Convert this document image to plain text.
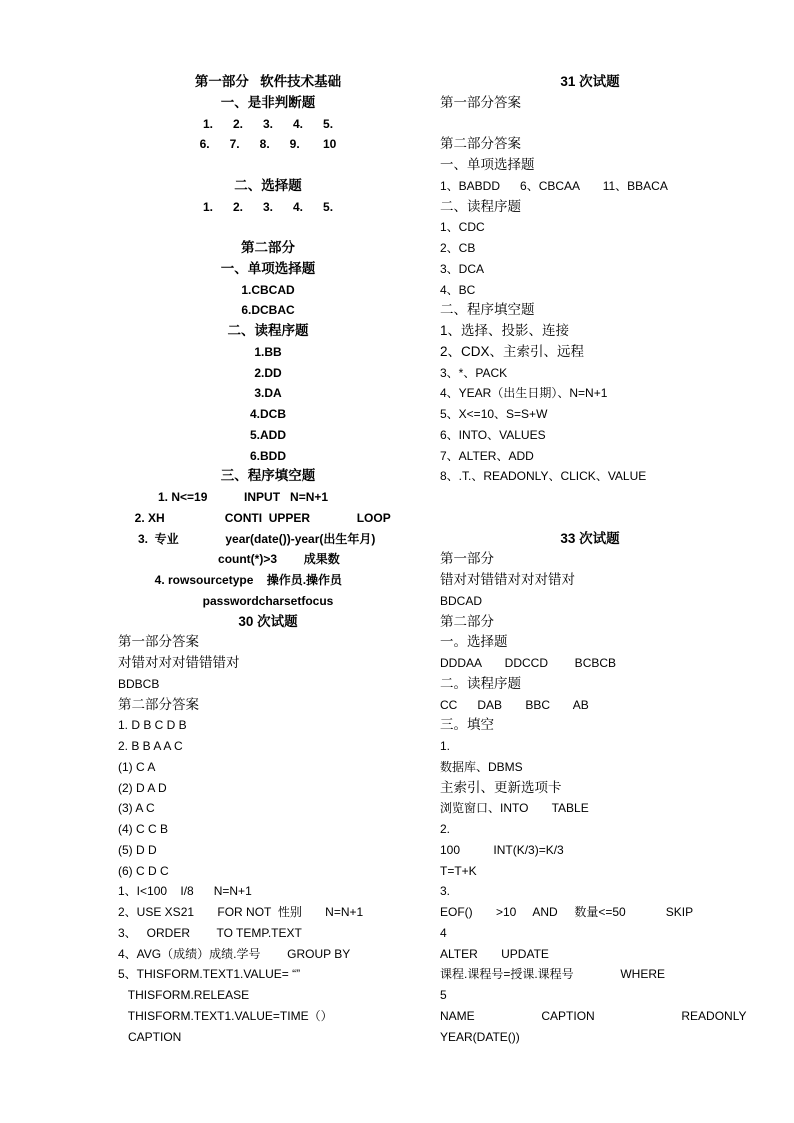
第一部分   软件技术基础
一、是非判断题
1.      2.      3.      4.      5.
6.      7.      8.      9.       10
二、选择题
1.      2.      3.      4.      5.
第二部分
一、单项选择题
1.CBCAD
6.DCBAC
二、读程序题
1.BB
2.DD
3.DA
4.DCB
5.ADD
6.BDD
三、程序填空题
1. N<=19           INPUT   N=N+1
2. XH                  CONTI  UPPER              LOOP
3.  专业              year(date())-year(出生年月)
count(*)>3        成果数
4. rowsourcetype    操作员.操作员
passwordcharsetfocus
30 次试题
第一部分答案
对错对对对错错错对
BDBCB
第二部分答案
1. D B C D B
2. B B A A C
(1) C A
(2) D A D
(3) A C
(4) C C B
(5) D D
(6) C D C
1、I<100    I/8      N=N+1
2、USE XS21       FOR NOT  性别       N=N+1
3、   ORDER        TO TEMP.TEXT
4、AVG（成绩）成绩.学号        GROUP BY
5、THISFORM.TEXT1.VALUE= “”
THISFORM.RELEASE
THISFORM.TEXT1.VALUE=TIME（）
CAPTION
31 次试题
第一部分答案
第二部分答案
一、单项选择题
1、BABDD      6、CBCAA       11、BBACA
二、读程序题
1、CDC
2、CB
3、DCA
4、BC
二、程序填空题
1、选择、投影、连接
2、CDX、主索引、远程
3、*、PACK
4、YEAR（出生日期）、N=N+1
5、X<=10、S=S+W
6、INTO、VALUES
7、ALTER、ADD
8、.T.、READONLY、CLICK、VALUE
33 次试题
第一部分
错对对错错对对对错对
BDCAD
第二部分
一。选择题
DDDAA       DDCCD        BCBCB
二。读程序题
CC      DAB       BBC       AB
三。填空
1.
数据库、DBMS
主索引、更新选项卡
浏览窗口、INTO       TABLE
2.
100          INT(K/3)=K/3
T=T+K
3.
EOF()       >10     AND     数量<=50            SKIP
4
ALTER       UPDATE
课程.课程号=授课.课程号              WHERE
5
NAME                    CAPTION                          READONLY
YEAR(DATE())
